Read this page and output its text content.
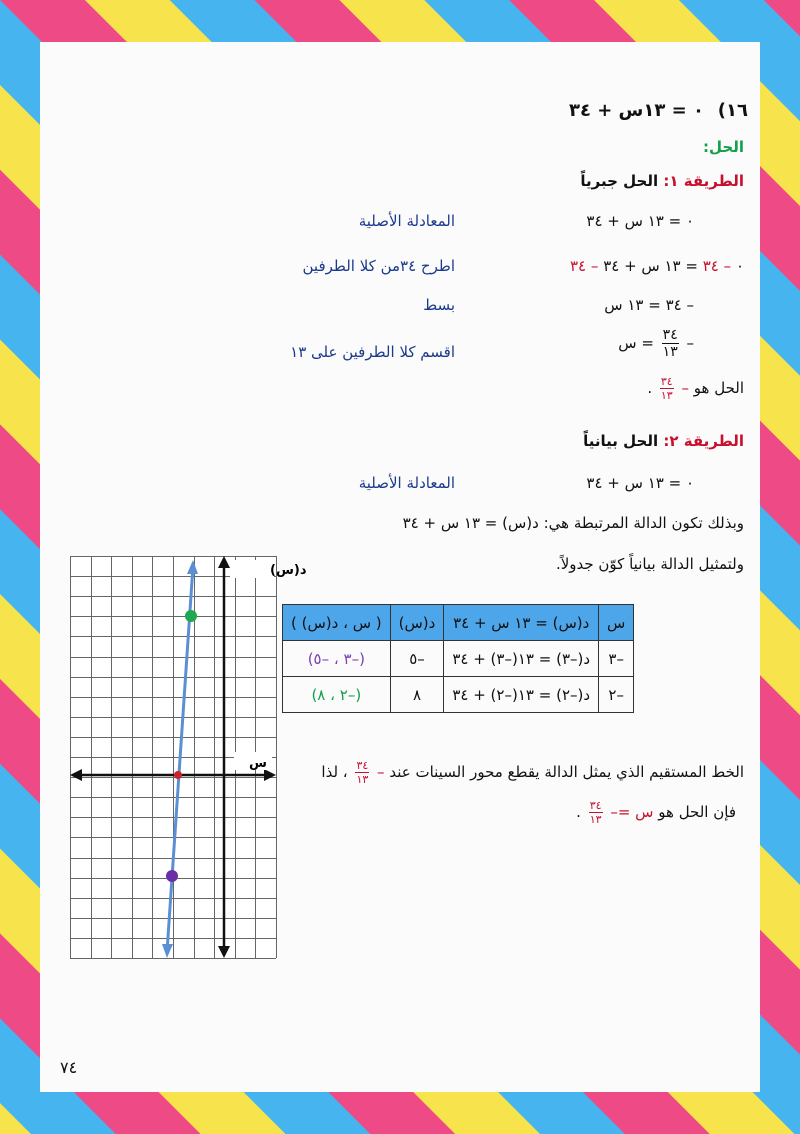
١٦)
٠ = ١٣س + ٣٤
الحل:
الطريقة ١: الحل جبرياً
٠ = ١٣ س + ٣٤
المعادلة الأصلية
٠ – ٣٤ = ١٣ س + ٣٤ – ٣٤
اطرح ٣٤من كلا الطرفين
– ٣٤ = ١٣ س
بسط
–
$\frac{٣٤}{١٣}$
= س
اقسم كلا الطرفين على ١٣
الحل هو –
$\frac{٣٤}{١٣}$
.
الطريقة ٢: الحل بيانياً
٠ = ١٣ س + ٣٤
المعادلة الأصلية
وبذلك تكون الدالة المرتبطة هي: د(س) = ١٣ س + ٣٤
ولتمثيل الدالة بيانياً كوّن جدولاً.
س	د(س) = ١٣ س + ٣٤	د(س)	( س ، د(س) )
–٣	د(–٣) = ١٣(–٣) + ٣٤	–٥	(–٣ ، –٥)
–٢	د(–٢) = ١٣(–٢) + ٣٤	٨	(–٢ ، ٨)
د(س)
س	الخط المستقيم الذي يمثل الدالة يقطع محور السينات عند –
$\frac{٣٤}{١٣}$
، لذا
فإن الحل هو س =–
$\frac{٣٤}{١٣}$
.
٧٤
